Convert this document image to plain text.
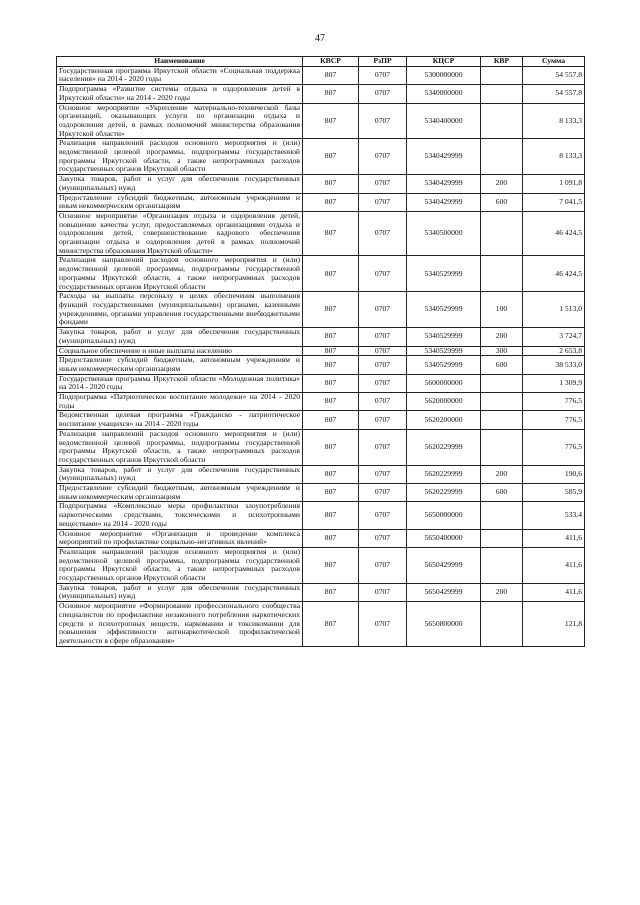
47
Наименование	КВСР	РзПР	КЦСР	КВР	Сумма
Государственная программа Иркутской области «Социальная поддержка населения» на 2014 - 2020 годы	807	0707	5300000000		54 557,8
Подпрограмма «Развитие системы отдыха и оздоровления детей в Иркутской области» на 2014 - 2020 годы	807	0707	5340000000		54 557,8
Основное мероприятие «Укрепление материально-технической базы организаций, оказывающих услуги по организации отдыха и оздоровления детей, в рамках полномочий министерства образования Иркутской области»	807	0707	5340400000		8 133,3
Реализация направлений расходов основного мероприятия и (или) ведомственной целевой программы, подпрограммы государственной программы Иркутской области, а также непрограммных расходов государственных органов Иркутской области	807	0707	5340429999		8 133,3
Закупка товаров, работ и услуг для обеспечения государственных (муниципальных) нужд	807	0707	5340429999	200	1 091,8
Предоставление субсидий бюджетным, автономным учреждениям и иным некоммерческим организациям	807	0707	5340429999	600	7 041,5
Основное мероприятие «Организация отдыха и оздоровления детей, повышение качества услуг, предоставляемых организациями отдыха и оздоровления детей, совершенствование кадрового обеспечения организации отдыха и оздоровления детей в рамках полномочий министерства образования Иркутской области»	807	0707	5340500000		46 424,5
Реализация направлений расходов основного мероприятия и (или) ведомственной целевой программы, подпрограммы государственной программы Иркутской области, а также непрограммных расходов государственных органов Иркутской области	807	0707	5340529999		46 424,5
Расходы на выплаты персоналу в целях обеспечения выполнения функций государственными (муниципальными) органами, казенными учреждениями, органами управления государственными внебюджетными фондами	807	0707	5340529999	100	1 513,0
Закупка товаров, работ и услуг для обеспечения государственных (муниципальных) нужд	807	0707	5340529999	200	3 724,7
Социальное обеспечение и иные выплаты населению	807	0707	5340529999	300	2 653,8
Предоставление субсидий бюджетным, автономным учреждениям и иным некоммерческим организациям	807	0707	5340529999	600	38 533,0
Государственная программа Иркутской области «Молодежная политика» на 2014 - 2020 годы	807	0707	5600000000		1 309,9
Подпрограмма «Патриотическое воспитание молодежи» на 2014 - 2020 годы	807	0707	5620000000		776,5
Ведомственная целевая программа «Гражданско - патриотическое воспитание учащихся» на 2014 - 2020 годы	807	0707	5620200000		776,5
Реализация направлений расходов основного мероприятия и (или) ведомственной целевой программы, подпрограммы государственной программы Иркутской области, а также непрограммных расходов государственных органов Иркутской области	807	0707	5620229999		776,5
Закупка товаров, работ и услуг для обеспечения государственных (муниципальных) нужд	807	0707	5620229999	200	190,6
Предоставление субсидий бюджетным, автономным учреждениям и иным некоммерческим организациям	807	0707	5620229999	600	585,9
Подпрограмма «Комплексные меры профилактики злоупотребления наркотическими средствами, токсическими и психотропными веществами» на 2014 - 2020 годы	807	0707	5650000000		533,4
Основное мероприятие «Организация и проведение комплекса мероприятий по профилактике социально-негативных явлений»	807	0707	5650400000		411,6
Реализация направлений расходов основного мероприятия и (или) ведомственной целевой программы, подпрограммы государственной программы Иркутской области, а также непрограммных расходов государственных органов Иркутской области	807	0707	5650429999		411,6
Закупка товаров, работ и услуг для обеспечения государственных (муниципальных) нужд	807	0707	5650429999	200	411,6
Основное мероприятие «Формирование профессионального сообщества специалистов по профилактике незаконного потребления наркотических средств и психотропных веществ, наркомании и токсикомании для повышения эффективности антинаркотической профилактической деятельности в сфере образования»	807	0707	5650800000		121,8
